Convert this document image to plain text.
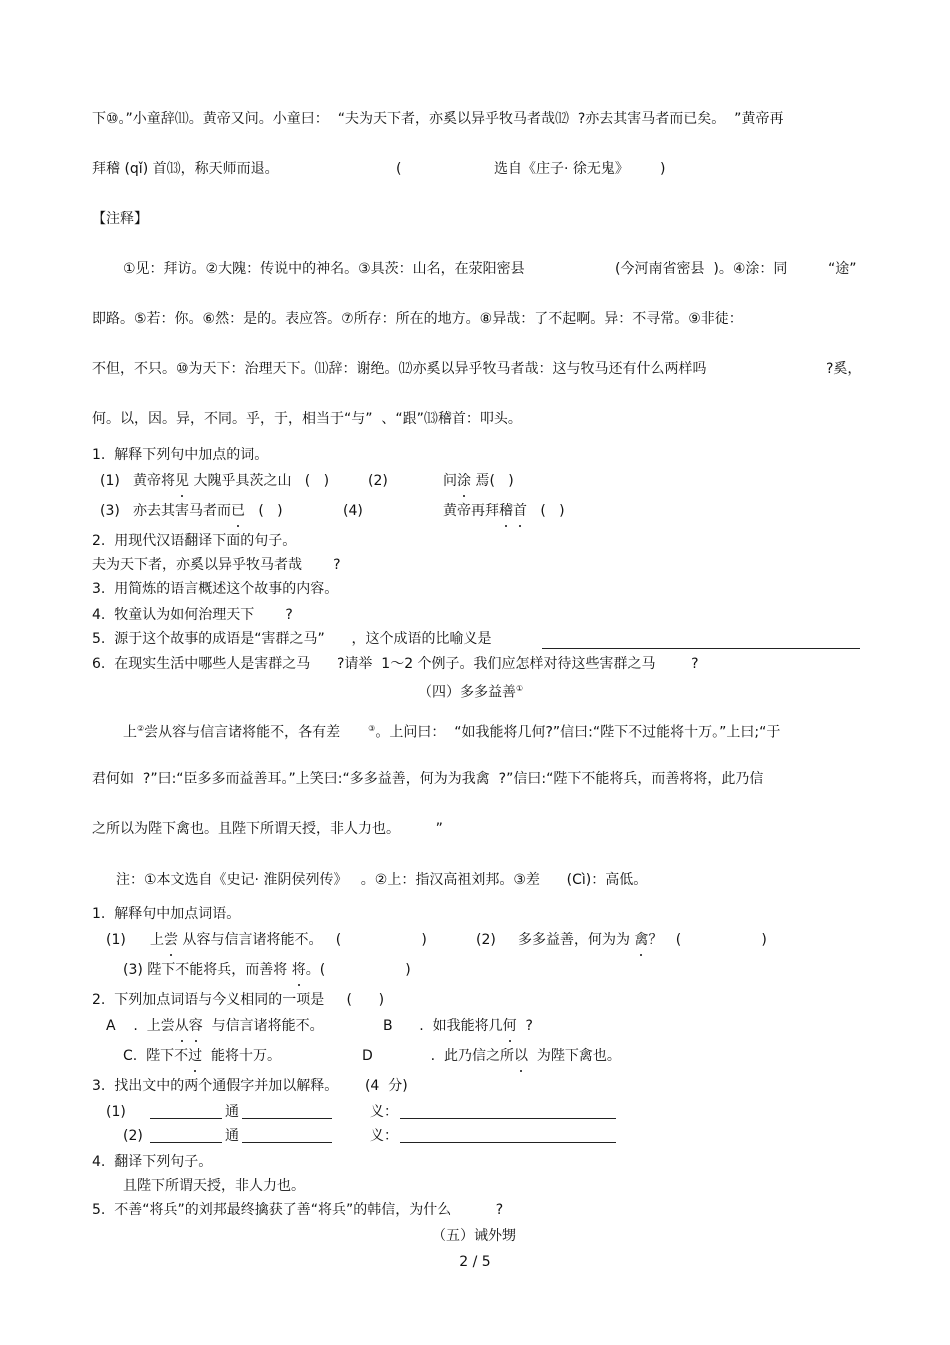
下⑩。”小童辞⑾。黄帝又问。小童曰：  “夫为天下者，亦奚以异乎牧马者哉⑿  ?亦去其害马者而已矣。  ”黄帝再
拜稽 (qǐ) 首⒀，称天师而退。	(	选自《庄子· 徐无鬼》 )
【注释】
①见：拜访。②大隗：传说中的神名。③具茨：山名，在荥阳密县	(今河南省密县  )。④涂：同	“途”
即路。⑤若：你。⑥然：是的。表应答。⑦所存：所在的地方。⑧异哉：了不起啊。异：不寻常。⑨非徒：
不但，不只。⑩为天下：治理天下。⑾辞：谢绝。⑿亦奚以异乎牧马者哉：这与牧马还有什么两样吗	?奚，
何。以，因。异，不同。乎，于，相当于“与”  、“跟”⒀稽首：叩头。
1.  解释下列句中加点的词。
(1) 黄帝将见 大隗乎具茨之山   (   )	(2)	问涂 焉(   )
(3) 亦去其害马者而已   (   )	(4)	黄帝再拜稽首   (   )
2.  用现代汉语翻译下面的句子。
夫为天下者，亦奚以异乎牧马者哉       ?
3.  用简炼的语言概述这个故事的内容。
4.  牧童认为如何治理天下       ?
5.  源于这个故事的成语是“害群之马”      ，这个成语的比喻义是
6.  在现实生活中哪些人是害群之马      ?请举  1～2 个例子。我们应怎样对待这些害群之马        ?
（四）多多益善①
上②尝从容与信言诸将能不，各有差	③。上问曰：  “如我能将几何?”信曰:“陛下不过能将十万。”上曰;“于
君何如  ?”曰:“臣多多而益善耳。”上笑曰:“多多益善，何为为我禽  ?”信曰:“陛下不能将兵，而善将将，此乃信
之所以为陛下禽也。且陛下所谓天授，非人力也。        ”
注：①本文选自《史记· 淮阴侯列传》   。②上：指汉高祖刘邦。③差      (Cì)：高低。
1.  解释句中加点词语。
(1) 上尝 从容与信言诸将能不。   (                  )	(2) 多多益善，何为为 禽？   (                  )
(3) 陛下不能将兵，而善将 将。(                  )
2.  下列加点词语与今义相同的一项是     (      )
A    .  上尝从容  与信言诸将能不。	B      .  如我能将几何  ?
C.  陛下不过  能将十万。	D             .  此乃信之所以  为陛下禽也。
3.  找出文中的两个通假字并加以解释。      (4  分)
(1)	通	义：
(2)	通	义：
4.  翻译下列句子。
且陛下所谓天授，非人力也。
5.  不善“将兵”的刘邦最终擒获了善“将兵”的韩信，为什么          ?
（五）诫外甥
2 / 5
